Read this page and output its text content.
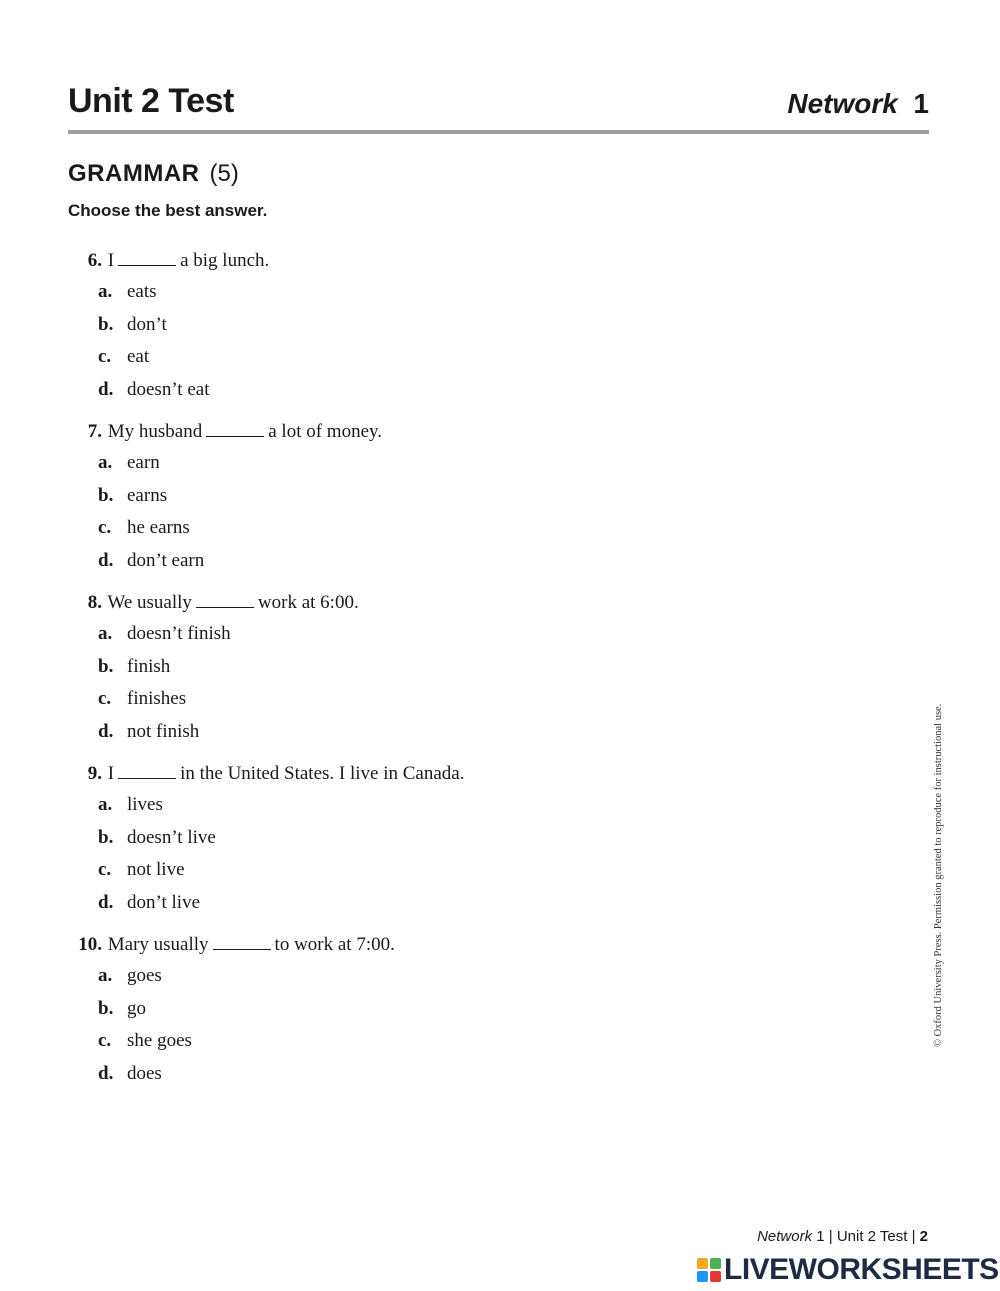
Unit 2 Test	Network 1
GRAMMAR (5)
Choose the best answer.
6. I	a big lunch.
a. eats
b. don’t
c. eat
d. doesn’t eat
7. My husband	a lot of money.
a. earn
b. earns
c. he earns
d. don’t earn
8. We usually	work at 6:00.
a. doesn’t finish
b. finish
c. finishes
d. not finish
9. I	in the United States. I live in Canada.
a. lives
b. doesn’t live
c. not live
d. don’t live
10. Mary usually	to work at 7:00.
a. goes
b. go
c. she goes
d. does
© Oxford University Press. Permission granted to reproduce for instructional use.
Network 1 | Unit 2 Test | 2
LIVEWORKSHEETS
